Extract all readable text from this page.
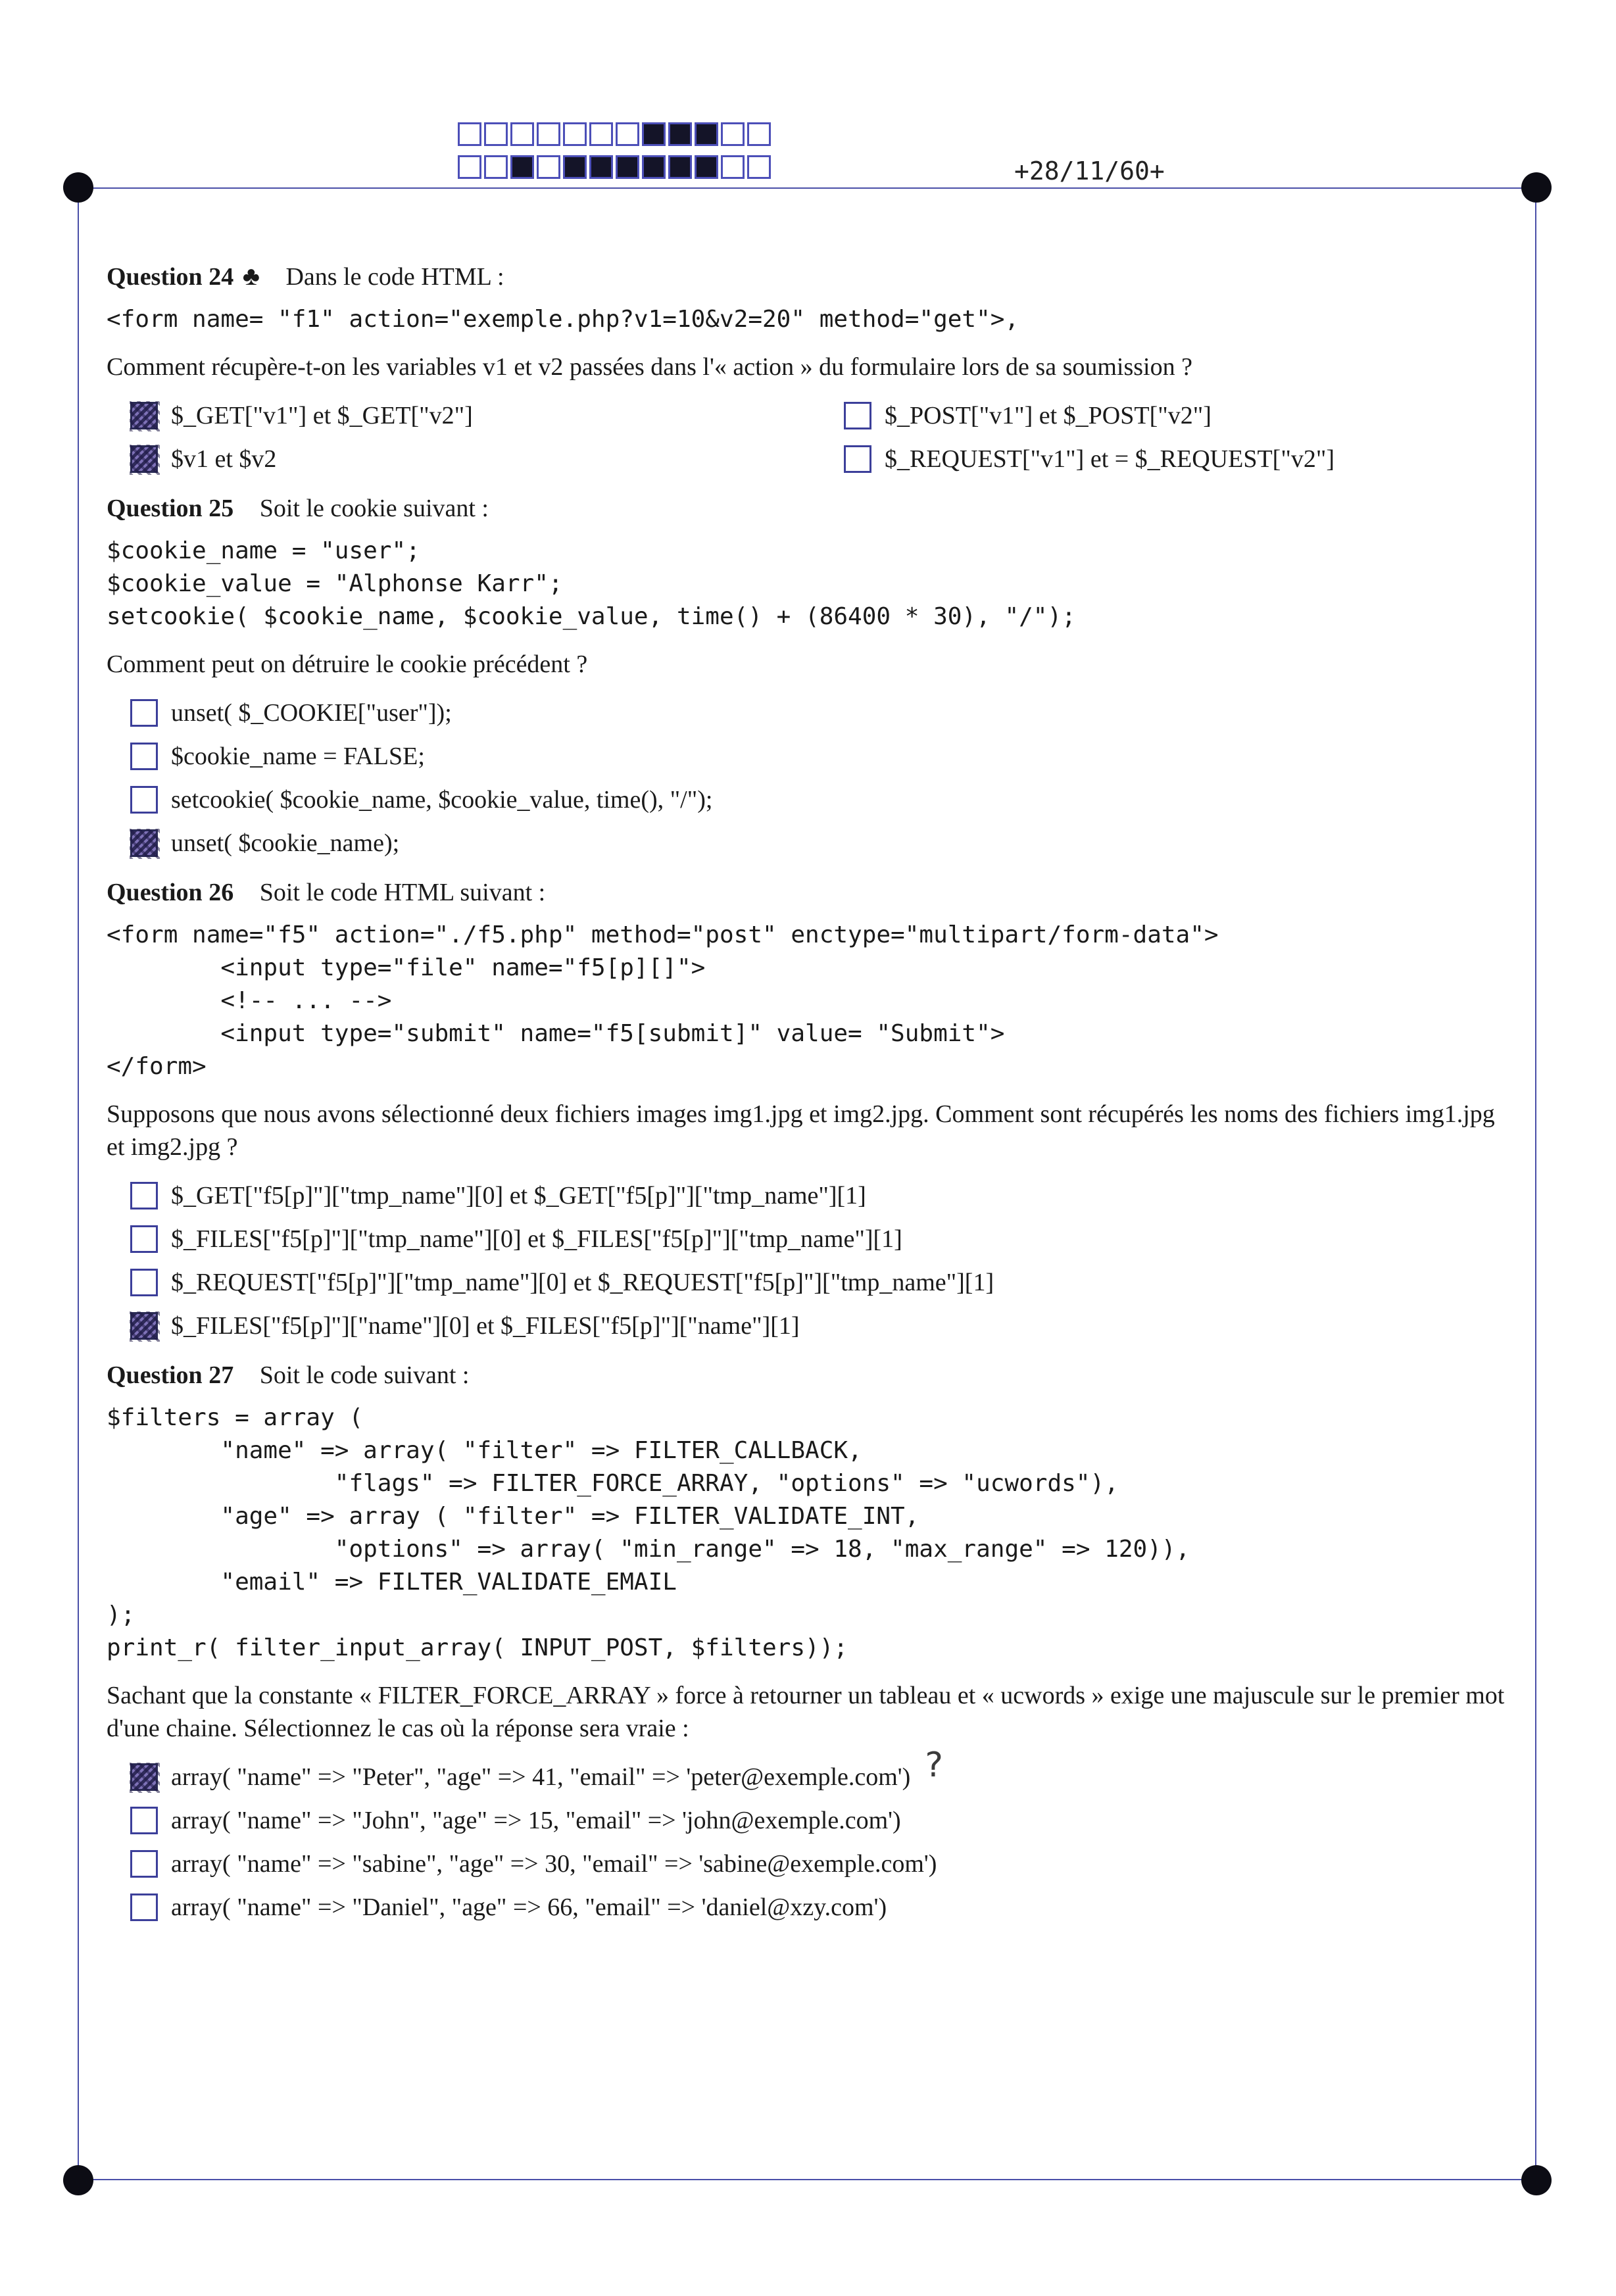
+28/11/60+
Question 24 ♣ Dans le code HTML :
<form name= "f1" action="exemple.php?v1=10&v2=20" method="get">,
Comment récupère-t-on les variables v1 et v2 passées dans l'« action » du formulaire lors de sa soumission ?
$_GET["v1"] et $_GET["v2"]	$_POST["v1"] et $_POST["v2"]
$v1 et $v2	$_REQUEST["v1"] et = $_REQUEST["v2"]
Question 25 Soit le cookie suivant :
$cookie_name = "user";
$cookie_value = "Alphonse Karr";
setcookie( $cookie_name, $cookie_value, time() + (86400 * 30), "/");
Comment peut on détruire le cookie précédent ?
unset( $_COOKIE["user"]);
$cookie_name = FALSE;
setcookie( $cookie_name, $cookie_value, time(), "/");
unset( $cookie_name);
Question 26 Soit le code HTML suivant :
<form name="f5" action="./f5.php" method="post" enctype="multipart/form-data">
<input type="file" name="f5[p][]">
<!-- ... -->
<input type="submit" name="f5[submit]" value= "Submit">
</form>
Supposons que nous avons sélectionné deux fichiers images img1.jpg et img2.jpg. Comment sont récupérés les noms des fichiers img1.jpg et img2.jpg ?
$_GET["f5[p]"]["tmp_name"][0] et $_GET["f5[p]"]["tmp_name"][1]
$_FILES["f5[p]"]["tmp_name"][0] et $_FILES["f5[p]"]["tmp_name"][1]
$_REQUEST["f5[p]"]["tmp_name"][0] et $_REQUEST["f5[p]"]["tmp_name"][1]
$_FILES["f5[p]"]["name"][0] et $_FILES["f5[p]"]["name"][1]
Question 27 Soit le code suivant :
$filters = array (
"name" => array( "filter" => FILTER_CALLBACK,
"flags" => FILTER_FORCE_ARRAY, "options" => "ucwords"),
"age" => array ( "filter" => FILTER_VALIDATE_INT,
"options" => array( "min_range" => 18, "max_range" => 120)),
"email" => FILTER_VALIDATE_EMAIL
);
print_r( filter_input_array( INPUT_POST, $filters));
Sachant que la constante « FILTER_FORCE_ARRAY » force à retourner un tableau et « ucwords » exige une majuscule sur le premier mot d'une chaine. Sélectionnez le cas où la réponse sera vraie :
array( "name" => "Peter", "age" => 41, "email" => 'peter@exemple.com') ?
array( "name" => "John", "age" => 15, "email" => 'john@exemple.com')
array( "name" => "sabine", "age" => 30, "email" => 'sabine@exemple.com')
array( "name" => "Daniel", "age" => 66, "email" => 'daniel@xzy.com')
